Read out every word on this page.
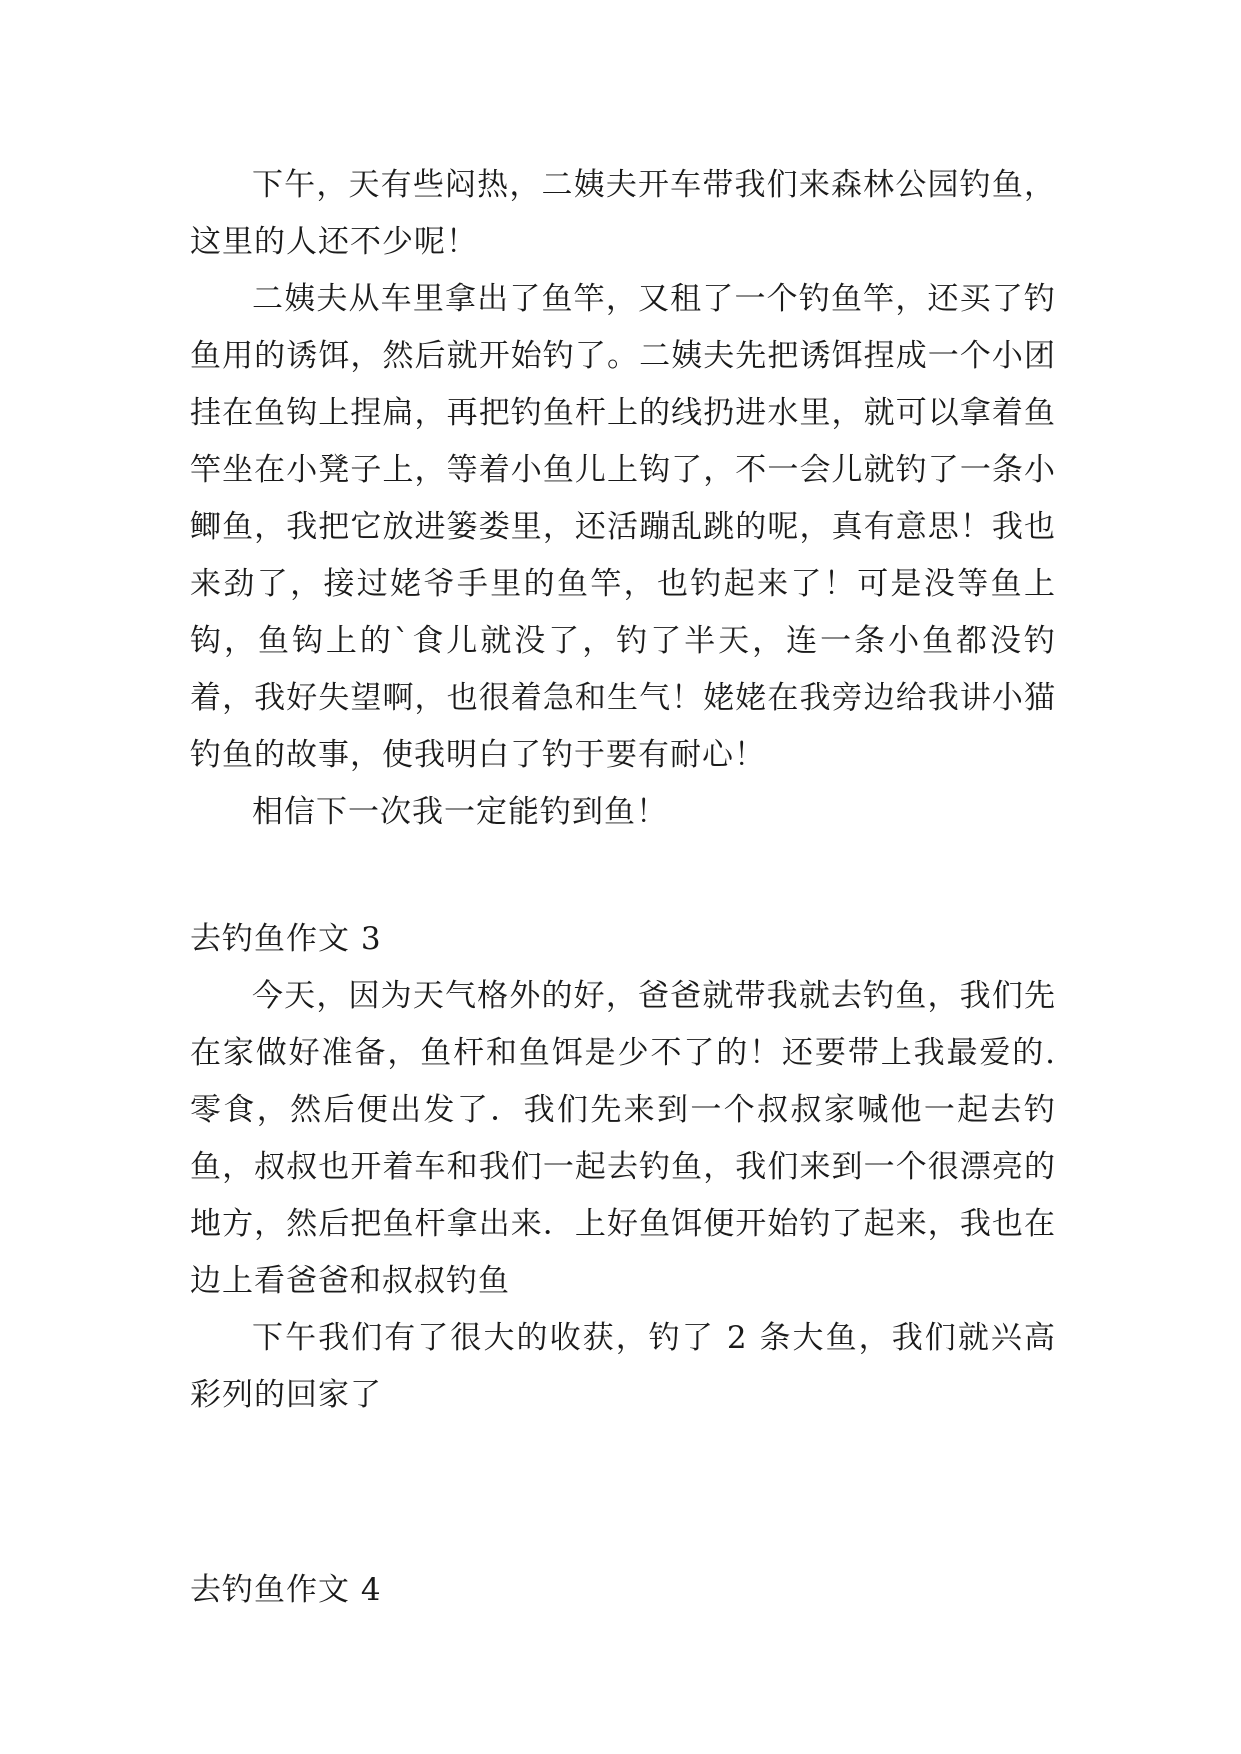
下午，天有些闷热，二姨夫开车带我们来森林公园钓鱼，这里的人还不少呢！

二姨夫从车里拿出了鱼竿，又租了一个钓鱼竿，还买了钓鱼用的诱饵，然后就开始钓了。二姨夫先把诱饵捏成一个小团挂在鱼钩上捏扁，再把钓鱼杆上的线扔进水里，就可以拿着鱼竿坐在小凳子上，等着小鱼儿上钩了，不一会儿就钓了一条小鲫鱼，我把它放进篓娄里，还活蹦乱跳的呢，真有意思！我也来劲了，接过姥爷手里的鱼竿，也钓起来了！可是没等鱼上钩，鱼钩上的`食儿就没了，钓了半天，连一条小鱼都没钓着，我好失望啊，也很着急和生气！姥姥在我旁边给我讲小猫钓鱼的故事，使我明白了钓于要有耐心！

相信下一次我一定能钓到鱼！

去钓鱼作文 3

今天，因为天气格外的好，爸爸就带我就去钓鱼，我们先在家做好准备，鱼杆和鱼饵是少不了的！还要带上我最爱的.零食，然后便出发了．我们先来到一个叔叔家喊他一起去钓鱼，叔叔也开着车和我们一起去钓鱼，我们来到一个很漂亮的地方，然后把鱼杆拿出来．上好鱼饵便开始钓了起来，我也在边上看爸爸和叔叔钓鱼

下午我们有了很大的收获，钓了 2 条大鱼，我们就兴高彩列的回家了

去钓鱼作文 4
